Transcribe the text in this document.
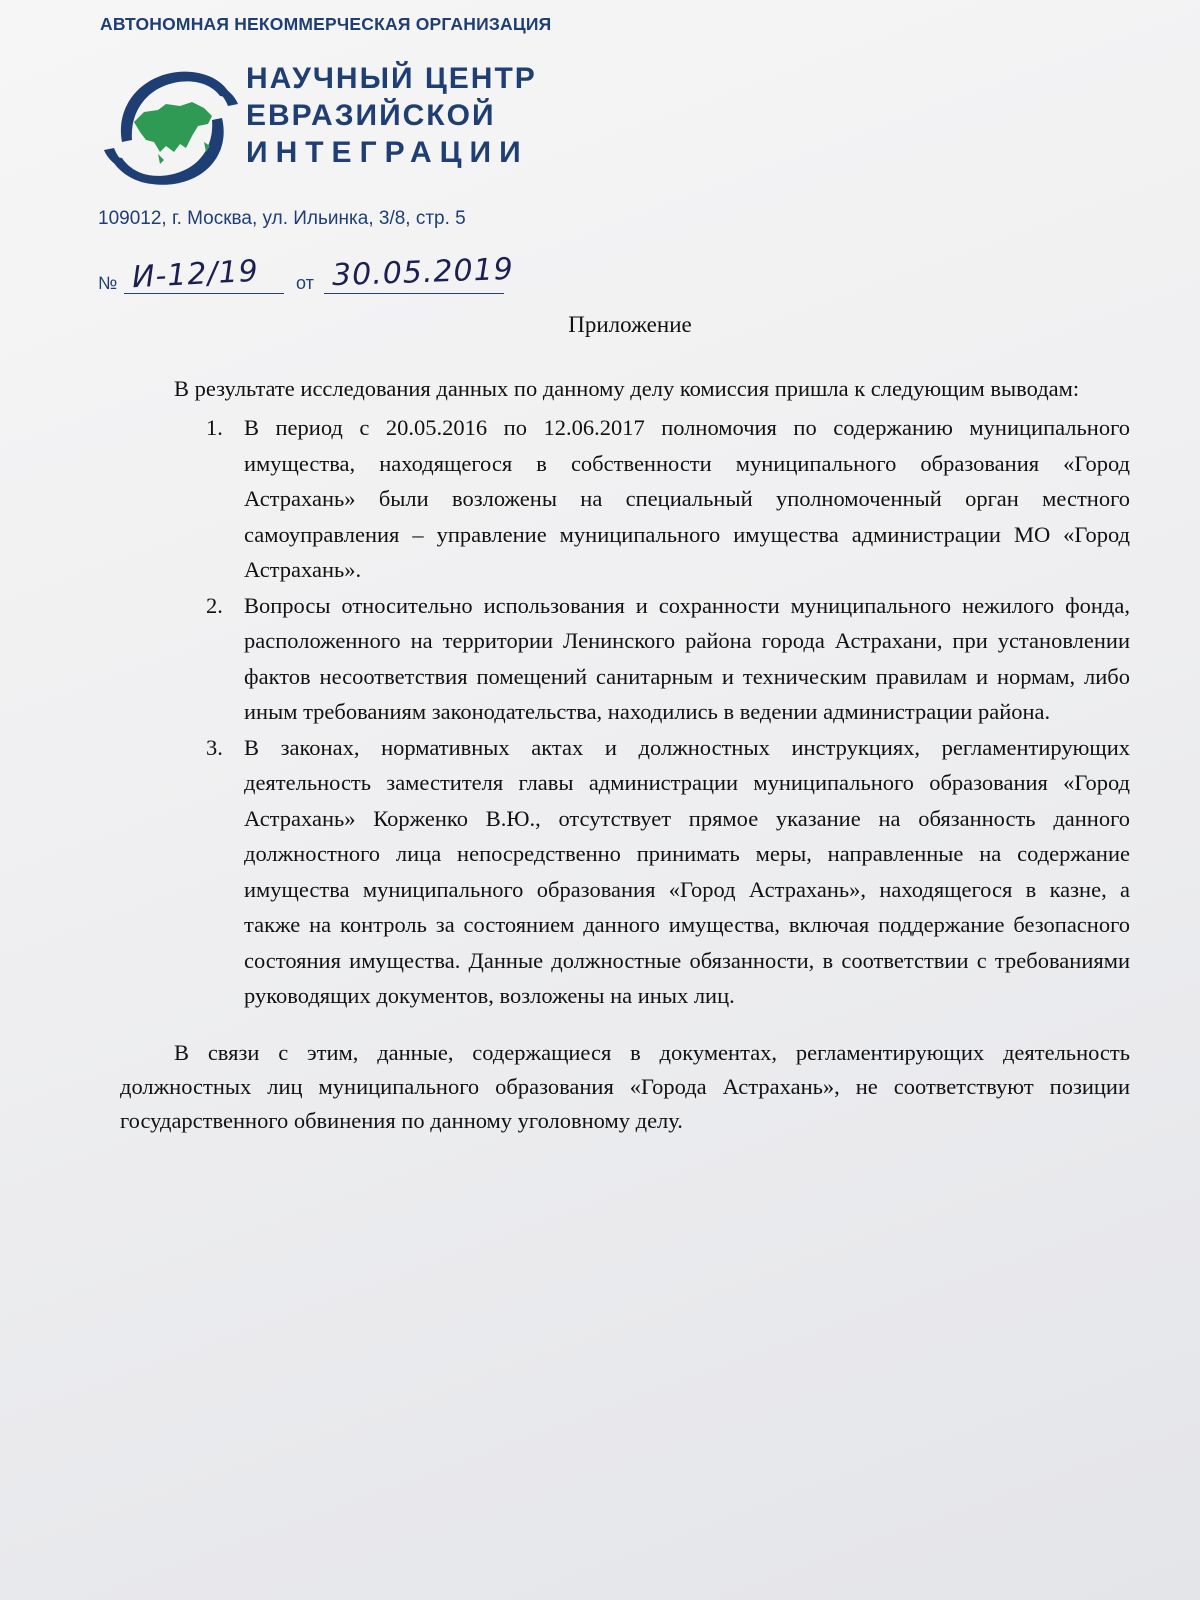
АВТОНОМНАЯ НЕКОММЕРЧЕСКАЯ ОРГАНИЗАЦИЯ
НАУЧНЫЙ ЦЕНТР
ЕВРАЗИЙСКОЙ
ИНТЕГРАЦИИ
109012, г. Москва, ул. Ильинка, 3/8, стр. 5
№ И-12/19 от 30.05.2019
Приложение

В результате исследования данных по данному делу комиссия пришла к следующим выводам:

1. В период с 20.05.2016 по 12.06.2017 полномочия по содержанию муниципального имущества, находящегося в собственности муниципального образования «Город Астрахань» были возложены на специальный уполномоченный орган местного самоуправления – управление муниципального имущества администрации МО «Город Астрахань».
2. Вопросы относительно использования и сохранности муниципального нежилого фонда, расположенного на территории Ленинского района города Астрахани, при установлении фактов несоответствия помещений санитарным и техническим правилам и нормам, либо иным требованиям законодательства, находились в ведении администрации района.
3. В законах, нормативных актах и должностных инструкциях, регламентирующих деятельность заместителя главы администрации муниципального образования «Город Астрахань» Корженко В.Ю., отсутствует прямое указание на обязанность данного должностного лица непосредственно принимать меры, направленные на содержание имущества муниципального образования «Город Астрахань», находящегося в казне, а также на контроль за состоянием данного имущества, включая поддержание безопасного состояния имущества. Данные должностные обязанности, в соответствии с требованиями руководящих документов, возложены на иных лиц.

В связи с этим, данные, содержащиеся в документах, регламентирующих деятельность должностных лиц муниципального образования «Города Астрахань», не соответствуют позиции государственного обвинения по данному уголовному делу.
